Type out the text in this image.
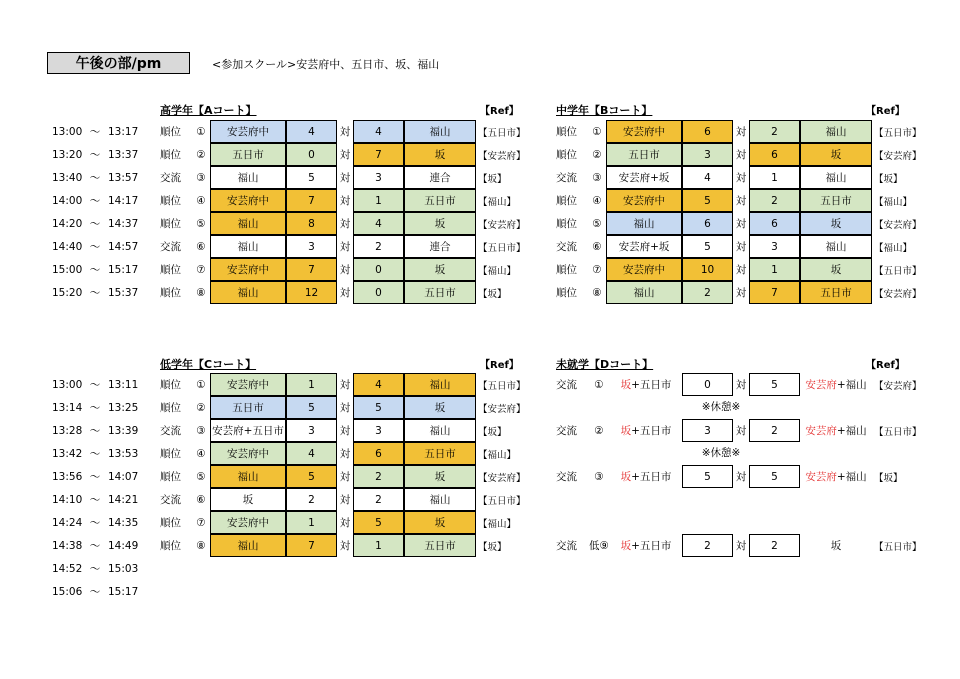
午後の部/pm	<参加スクール>安芸府中、五日市、坂、福山
高学年【Aコート】	【Ref】
13:00 〜 13:17	順位	①	安芸府中	4	対	4	福山	【五日市】
13:20 〜 13:37	順位	②	五日市	0	対	7	坂	【安芸府】
13:40 〜 13:57	交流	③	福山	5	対	3	連合	【坂】
14:00 〜 14:17	順位	④	安芸府中	7	対	1	五日市	【福山】
14:20 〜 14:37	順位	⑤	福山	8	対	4	坂	【安芸府】
14:40 〜 14:57	交流	⑥	福山	3	対	2	連合	【五日市】
15:00 〜 15:17	順位	⑦	安芸府中	7	対	0	坂	【福山】
15:20 〜 15:37	順位	⑧	福山	12	対	0	五日市	【坂】
中学年【Bコート】	【Ref】
順位	①	安芸府中	6	対	2	福山	【五日市】
順位	②	五日市	3	対	6	坂	【安芸府】
交流	③	安芸府+坂	4	対	1	福山	【坂】
順位	④	安芸府中	5	対	2	五日市	【福山】
順位	⑤	福山	6	対	6	坂	【安芸府】
交流	⑥	安芸府+坂	5	対	3	福山	【福山】
順位	⑦	安芸府中	10	対	1	坂	【五日市】
順位	⑧	福山	2	対	7	五日市	【安芸府】
低学年【Cコート】	【Ref】
13:00 〜 13:11	順位	①	安芸府中	1	対	4	福山	【五日市】
13:14 〜 13:25	順位	②	五日市	5	対	5	坂	【安芸府】
13:28 〜 13:39	交流	③ 安芸府+五日市	3	対	3	福山	【坂】
13:42 〜 13:53	順位	④	安芸府中	4	対	6	五日市	【福山】
13:56 〜 14:07	順位	⑤	福山	5	対	2	坂	【安芸府】
14:10 〜 14:21	交流	⑥	坂	2	対	2	福山	【五日市】
14:24 〜 14:35	順位	⑦	安芸府中	1	対	5	坂	【福山】
14:38 〜 14:49	順位	⑧	福山	7	対	1	五日市	【坂】
14:52 〜 15:03
15:06 〜 15:17
未就学【Dコート】	【Ref】
交流	①	坂 +五日市	0	対	5	安芸府 +福山 【安芸府】
※休憩※
交流	②	坂 +五日市	3	対	2	安芸府 +福山 【五日市】
※休憩※
交流	③	坂 +五日市	5	対	5	安芸府 +福山 【坂】
交流	低⑨ 坂 +五日市	2	対	2	坂	【五日市】
